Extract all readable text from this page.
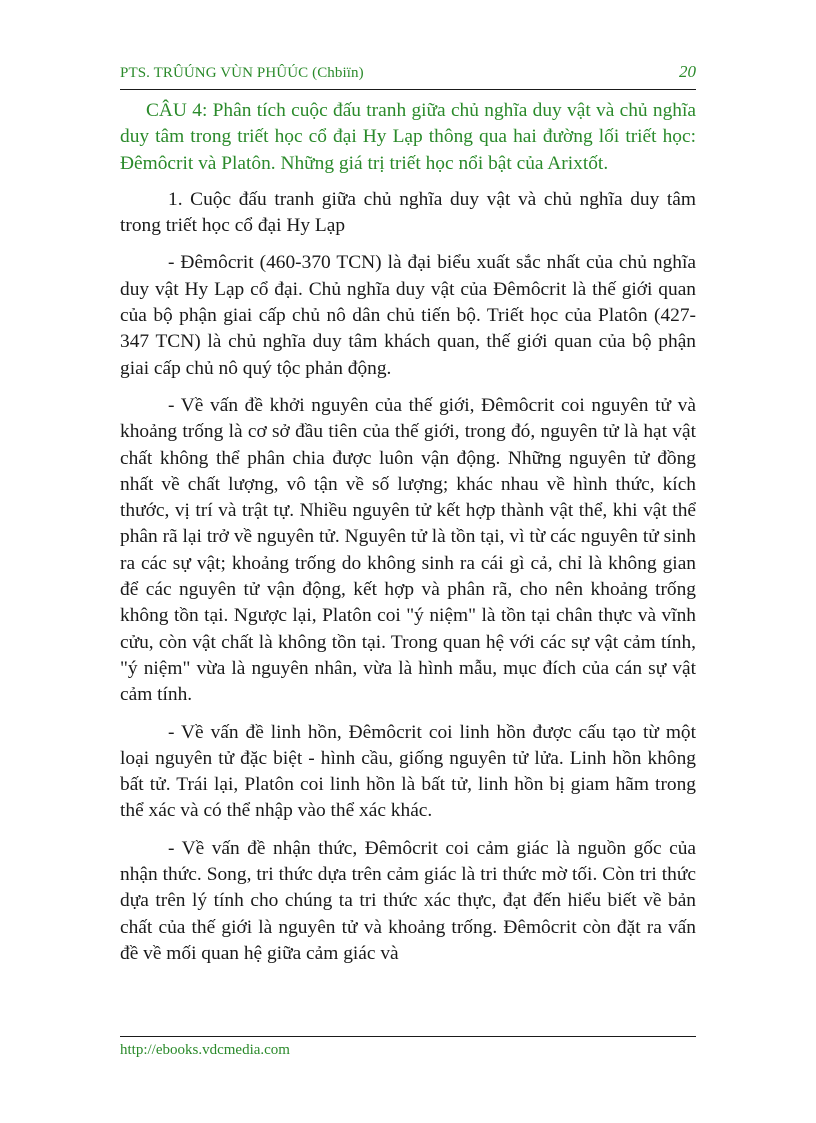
PTS. TRÛÚNG VÙN PHÛÚC (Chbiïn)	20

CÂU 4: Phân tích cuộc đấu tranh giữa chủ nghĩa duy vật và chủ nghĩa duy tâm trong triết học cổ đại Hy Lạp thông qua hai đường lối triết học: Đêmôcrit và Platôn. Những giá trị triết học nổi bật của Arixtốt.

1. Cuộc đấu tranh giữa chủ nghĩa duy vật và chủ nghĩa duy tâm trong triết học cổ đại Hy Lạp

- Đêmôcrit (460-370 TCN) là đại biểu xuất sắc nhất của chủ nghĩa duy vật Hy Lạp cổ đại. Chủ nghĩa duy vật của Đêmôcrit là thế giới quan của bộ phận giai cấp chủ nô dân chủ tiến bộ. Triết học của Platôn (427-347 TCN) là chủ nghĩa duy tâm khách quan, thế giới quan của bộ phận giai cấp chủ nô quý tộc phản động.

- Về vấn đề khởi nguyên của thế giới, Đêmôcrit coi nguyên tử và khoảng trống là cơ sở đầu tiên của thế giới, trong đó, nguyên tử là hạt vật chất không thể phân chia được luôn vận động. Những nguyên tử đồng nhất về chất lượng, vô tận về số lượng; khác nhau về hình thức, kích thước, vị trí và trật tự. Nhiều nguyên tử kết hợp thành vật thể, khi vật thể phân rã lại trở về nguyên tử. Nguyên tử là tồn tại, vì từ các nguyên tử sinh ra các sự vật; khoảng trống do không sinh ra cái gì cả, chỉ là không gian để các nguyên tử vận động, kết hợp và phân rã, cho nên khoảng trống không tồn tại. Ngược lại, Platôn coi "ý niệm" là tồn tại chân thực và vĩnh cửu, còn vật chất là không tồn tại. Trong quan hệ với các sự vật cảm tính, "ý niệm" vừa là nguyên nhân, vừa là hình mẫu, mục đích của cán sự vật cảm tính.

- Về vấn đề linh hồn, Đêmôcrit coi linh hồn được cấu tạo từ một loại nguyên tử đặc biệt - hình cầu, giống nguyên tử lửa. Linh hồn không bất tử. Trái lại, Platôn coi linh hồn là bất tử, linh hồn bị giam hãm trong thể xác và có thể nhập vào thể xác khác.

- Về vấn đề nhận thức, Đêmôcrit coi cảm giác là nguồn gốc của nhận thức. Song, tri thức dựa trên cảm giác là tri thức mờ tối. Còn tri thức dựa trên lý tính cho chúng ta tri thức xác thực, đạt đến hiểu biết về bản chất của thế giới là nguyên tử và khoảng trống. Đêmôcrit còn đặt ra vấn đề về mối quan hệ giữa cảm giác và

http://ebooks.vdcmedia.com
